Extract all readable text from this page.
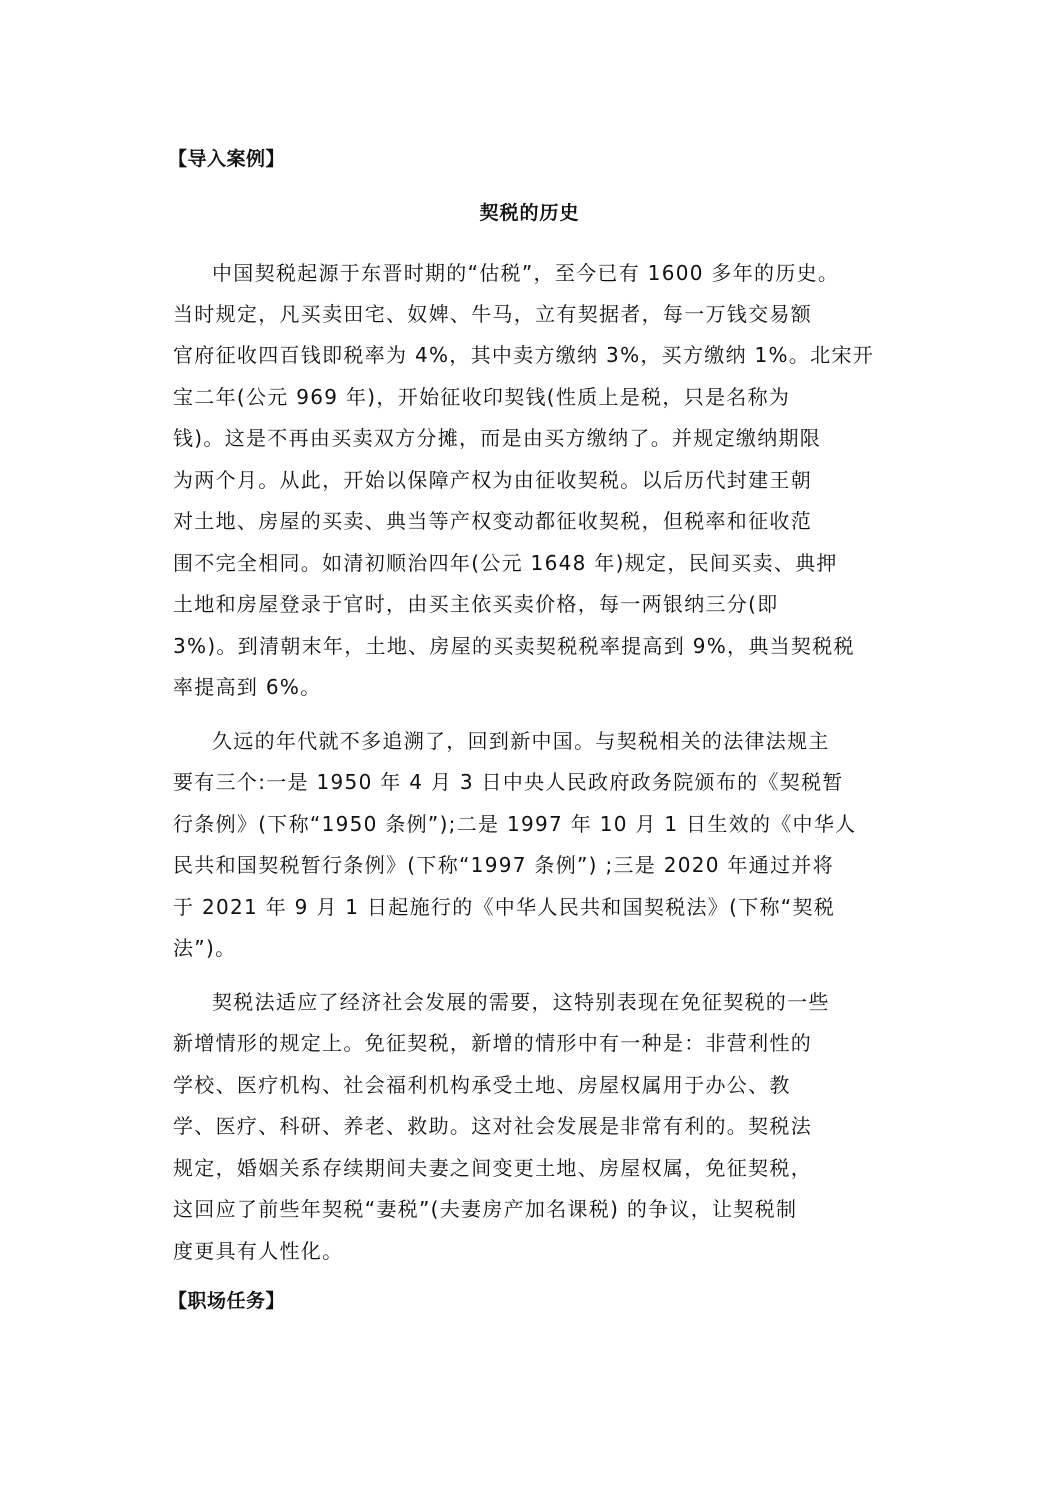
【导入案例】
契税的历史
中国契税起源于东晋时期的“估税”，至今已有 1600 多年的历史。
当时规定，凡买卖田宅、奴婢、牛马，立有契据者，每一万钱交易额
官府征收四百钱即税率为 4%，其中卖方缴纳 3%，买方缴纳 1%。北宋开
宝二年(公元 969 年)，开始征收印契钱(性质上是税，只是名称为
钱)。这是不再由买卖双方分摊，而是由买方缴纳了。并规定缴纳期限
为两个月。从此，开始以保障产权为由征收契税。以后历代封建王朝
对土地、房屋的买卖、典当等产权变动都征收契税，但税率和征收范
围不完全相同。如清初顺治四年(公元 1648 年)规定，民间买卖、典押
土地和房屋登录于官时，由买主依买卖价格，每一两银纳三分(即
3%)。到清朝末年，土地、房屋的买卖契税税率提高到 9%，典当契税税
率提高到 6%。
久远的年代就不多追溯了，回到新中国。与契税相关的法律法规主
要有三个:一是 1950 年 4 月 3 日中央人民政府政务院颁布的《契税暂
行条例》(下称“1950 条例”);二是 1997 年 10 月 1 日生效的《中华人
民共和国契税暂行条例》(下称“1997 条例”) ;三是 2020 年通过并将
于 2021 年 9 月 1 日起施行的《中华人民共和国契税法》(下称“契税
法”)。
契税法适应了经济社会发展的需要，这特别表现在免征契税的一些
新增情形的规定上。免征契税，新增的情形中有一种是：非营利性的
学校、医疗机构、社会福利机构承受土地、房屋权属用于办公、教
学、医疗、科研、养老、救助。这对社会发展是非常有利的。契税法
规定，婚姻关系存续期间夫妻之间变更土地、房屋权属，免征契税，
这回应了前些年契税“妻税”(夫妻房产加名课税) 的争议，让契税制
度更具有人性化。
【职场任务】
